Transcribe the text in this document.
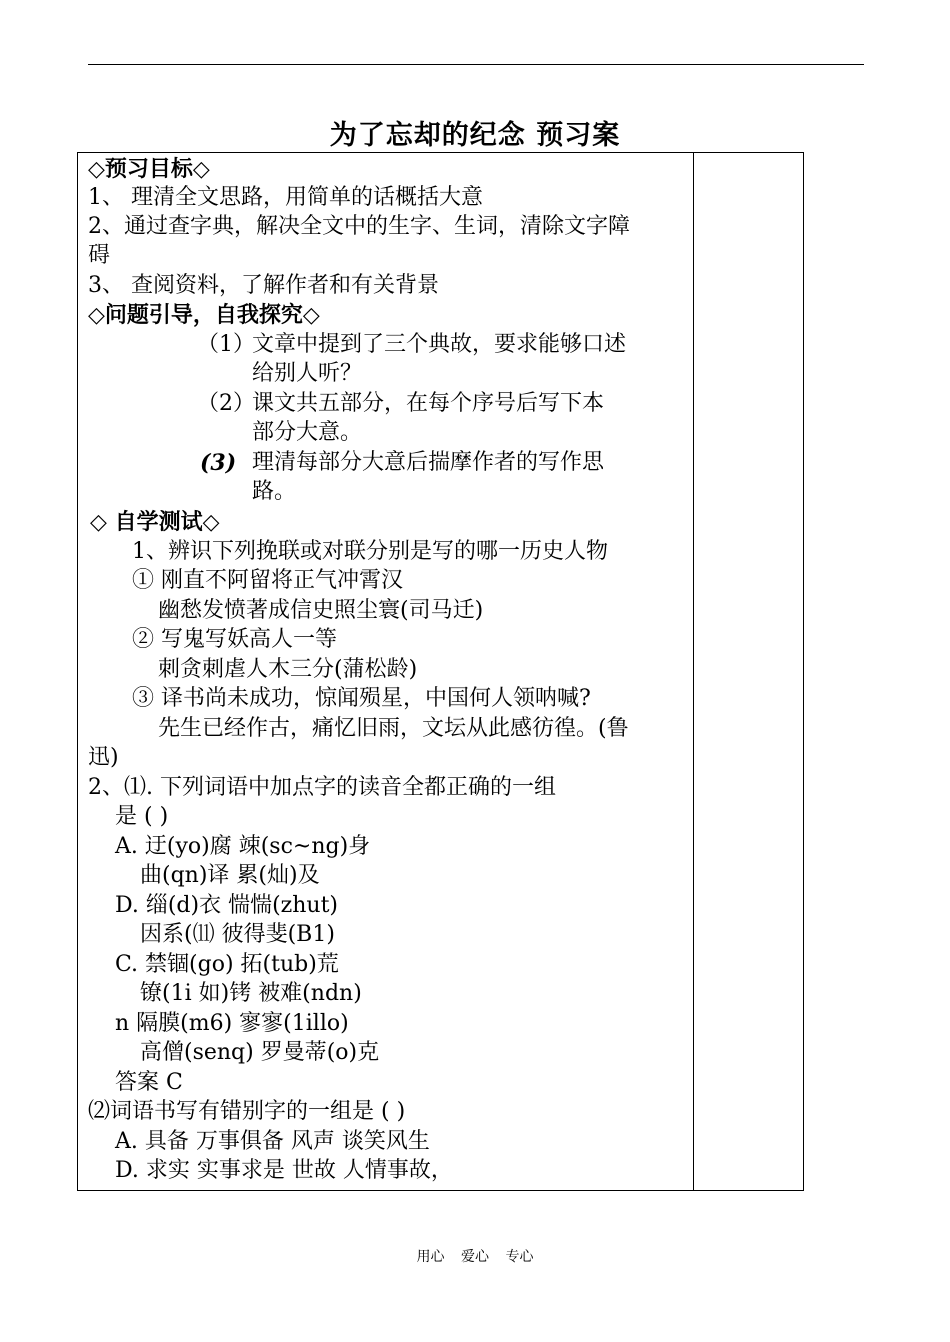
为了忘却的纪念 预习案
◇预习目标◇
1、 理清全文思路，用简单的话概括大意
2、通过查字典，解决全文中的生字、生词，清除文字障
碍
3、 查阅资料，了解作者和有关背景
◇问题引导，自我探究◇
（1）
文章中提到了三个典故，要求能够口述
给别人听？
（2）
课文共五部分，在每个序号后写下本
部分大意。
(3) 理清每部分大意后揣摩作者的写作思
路。
◇ 自学测试◇
1、辨识下列挽联或对联分别是写的哪一历史人物
① 刚直不阿留将正气冲霄汉
幽愁发愤著成信史照尘寰(司马迁)
② 写鬼写妖高人一等
刺贪刺虐人木三分(蒲松龄)
③ 译书尚未成功，惊闻殒星，中国何人领呐喊?
先生已经作古，痛忆旧雨，文坛从此感彷徨。(鲁
迅)
2、⑴. 下列词语中加点字的读音全都正确的一组
是 ( )
A. 迂(yo)腐 竦(sc~ng)身
曲(qn)译 累(灿)及
D. 缁(d)衣 惴惴(zhut)
因系(⑾ 彼得斐(B1)
C. 禁锢(go) 拓(tub)荒
镣(1i 如)铐 被难(ndn)
n 隔膜(m6) 寥寥(1illo)
高僧(senq) 罗曼蒂(o)克
答案 C
⑵词语书写有错别字的一组是 ( )
A. 具备 万事俱备 风声 谈笑风生
D. 求实 实事求是 世故 人情事故，
用心 爱心 专心
